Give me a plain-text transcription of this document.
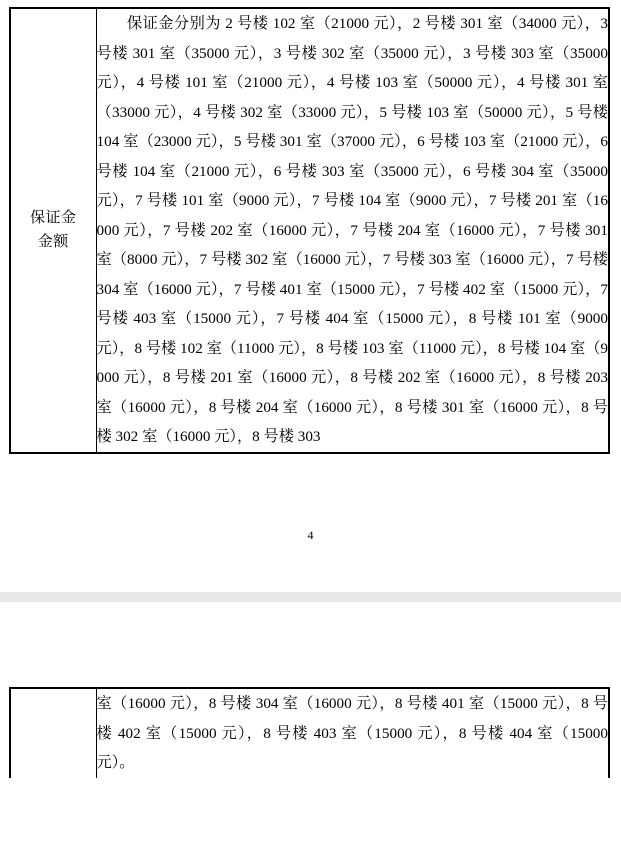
保证金
金额

保证金分别为 2 号楼 102 室（21000 元），2 号楼 301 室（34000 元），3 号楼 301 室（35000 元），3 号楼 302 室（35000 元），3 号楼 303 室（35000 元），4 号楼 101 室（21000 元），4 号楼 103 室（50000 元），4 号楼 301 室（33000 元），4 号楼 302 室（33000 元），5 号楼 103 室（50000 元），5 号楼 104 室（23000 元），5 号楼 301 室（37000 元），6 号楼 103 室（21000 元），6 号楼 104 室（21000 元），6 号楼 303 室（35000 元），6 号楼 304 室（35000 元），7 号楼 101 室（9000 元），7 号楼 104 室（9000 元），7 号楼 201 室（16000 元），7 号楼 202 室（16000 元），7 号楼 204 室（16000 元），7 号楼 301 室（8000 元），7 号楼 302 室（16000 元），7 号楼 303 室（16000 元），7 号楼 304 室（16000 元），7 号楼 401 室（15000 元），7 号楼 402 室（15000 元），7 号楼 403 室（15000 元），7 号楼 404 室（15000 元），8 号楼 101 室（9000 元），8 号楼 102 室（11000 元），8 号楼 103 室（11000 元），8 号楼 104 室（9000 元），8 号楼 201 室（16000 元），8 号楼 202 室（16000 元），8 号楼 203 室（16000 元），8 号楼 204 室（16000 元），8 号楼 301 室（16000 元），8 号楼 302 室（16000 元），8 号楼 303

4

室（16000 元），8 号楼 304 室（16000 元），8 号楼 401 室（15000 元），8 号楼 402 室（15000 元），8 号楼 403 室（15000 元），8 号楼 404 室（15000 元）。
